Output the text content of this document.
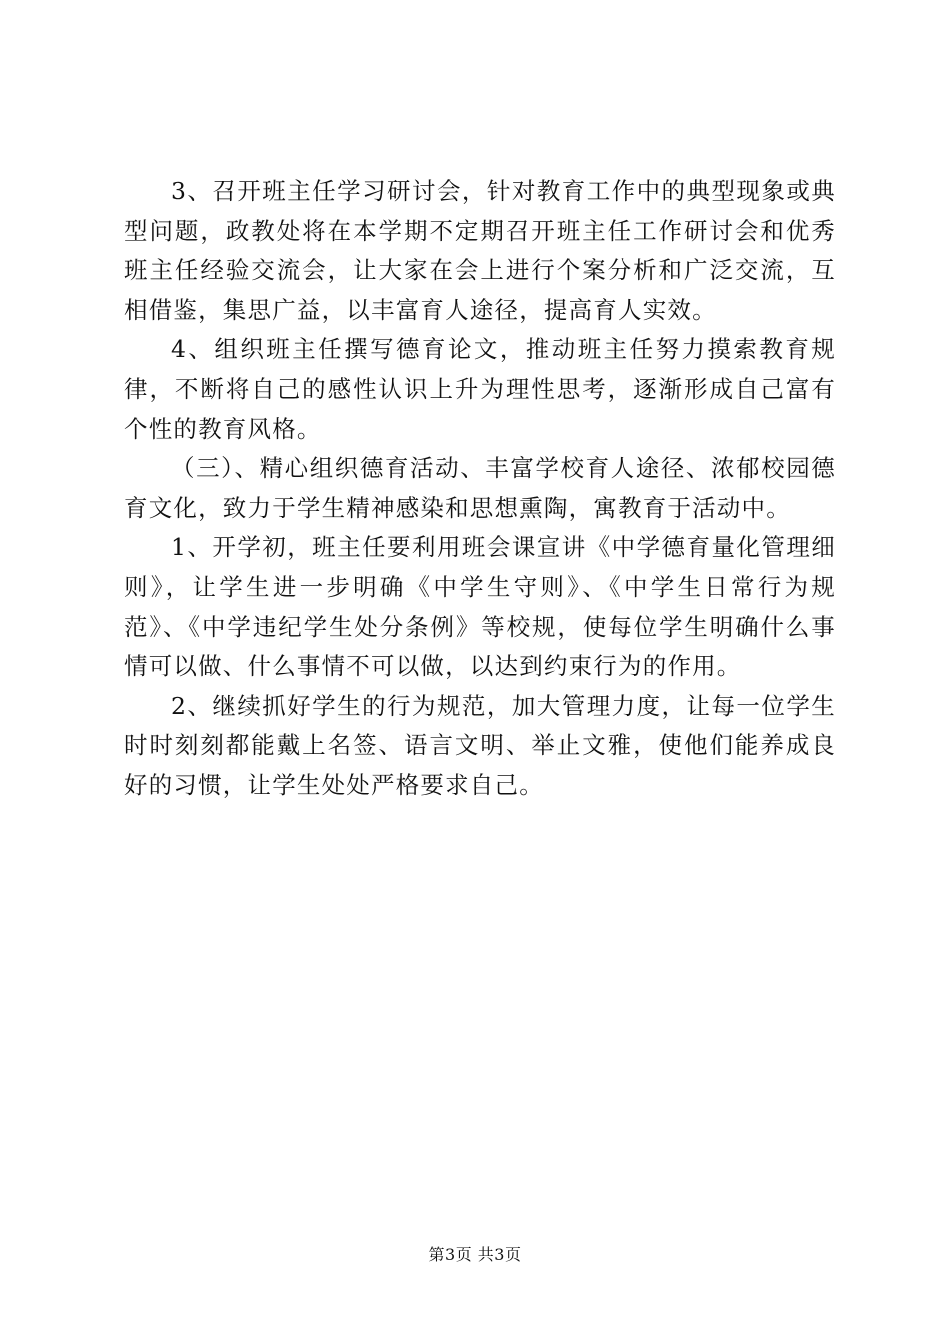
3、召开班主任学习研讨会，针对教育工作中的典型现象或典型问题，政教处将在本学期不定期召开班主任工作研讨会和优秀班主任经验交流会，让大家在会上进行个案分析和广泛交流，互相借鉴，集思广益，以丰富育人途径，提高育人实效。

4、组织班主任撰写德育论文，推动班主任努力摸索教育规律，不断将自己的感性认识上升为理性思考，逐渐形成自己富有个性的教育风格。

（三）、精心组织德育活动、丰富学校育人途径、浓郁校园德育文化，致力于学生精神感染和思想熏陶，寓教育于活动中。

1、开学初，班主任要利用班会课宣讲《中学德育量化管理细则》，让学生进一步明确《中学生守则》、《中学生日常行为规范》、《中学违纪学生处分条例》等校规，使每位学生明确什么事情可以做、什么事情不可以做，以达到约束行为的作用。

2、继续抓好学生的行为规范，加大管理力度，让每一位学生时时刻刻都能戴上名签、语言文明、举止文雅，使他们能养成良好的习惯，让学生处处严格要求自己。

第3页 共3页
